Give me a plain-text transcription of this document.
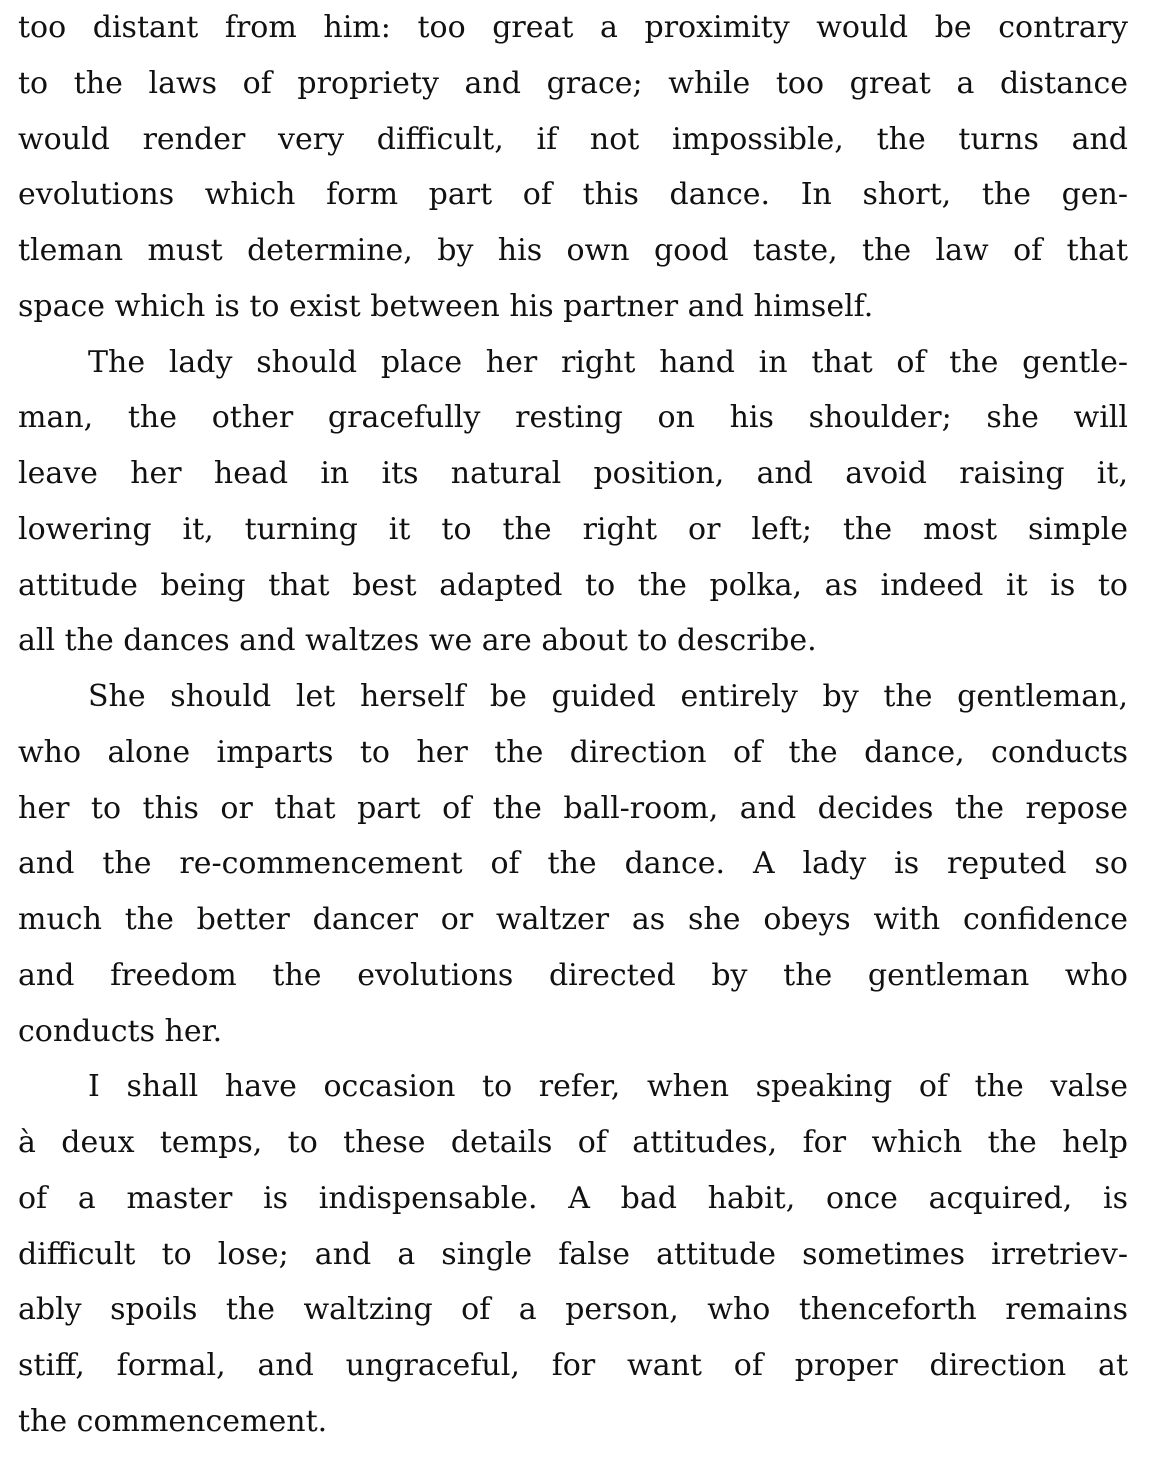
too distant from him: too great a proximity would be contrary
to the laws of propriety and grace; while too great a distance
would render very difficult, if not impossible, the turns and
evolutions which form part of this dance. In short, the gen-
tleman must determine, by his own good taste, the law of that
space which is to exist between his partner and himself.

The lady should place her right hand in that of the gentle-
man, the other gracefully resting on his shoulder; she will
leave her head in its natural position, and avoid raising it,
lowering it, turning it to the right or left; the most simple
attitude being that best adapted to the polka, as indeed it is to
all the dances and waltzes we are about to describe.

She should let herself be guided entirely by the gentleman,
who alone imparts to her the direction of the dance, conducts
her to this or that part of the ball-room, and decides the repose
and the re-commencement of the dance. A lady is reputed so
much the better dancer or waltzer as she obeys with confidence
and freedom the evolutions directed by the gentleman who
conducts her.

I shall have occasion to refer, when speaking of the valse
à deux temps, to these details of attitudes, for which the help
of a master is indispensable. A bad habit, once acquired, is
difficult to lose; and a single false attitude sometimes irretriev-
ably spoils the waltzing of a person, who thenceforth remains
stiff, formal, and ungraceful, for want of proper direction at
the commencement.
